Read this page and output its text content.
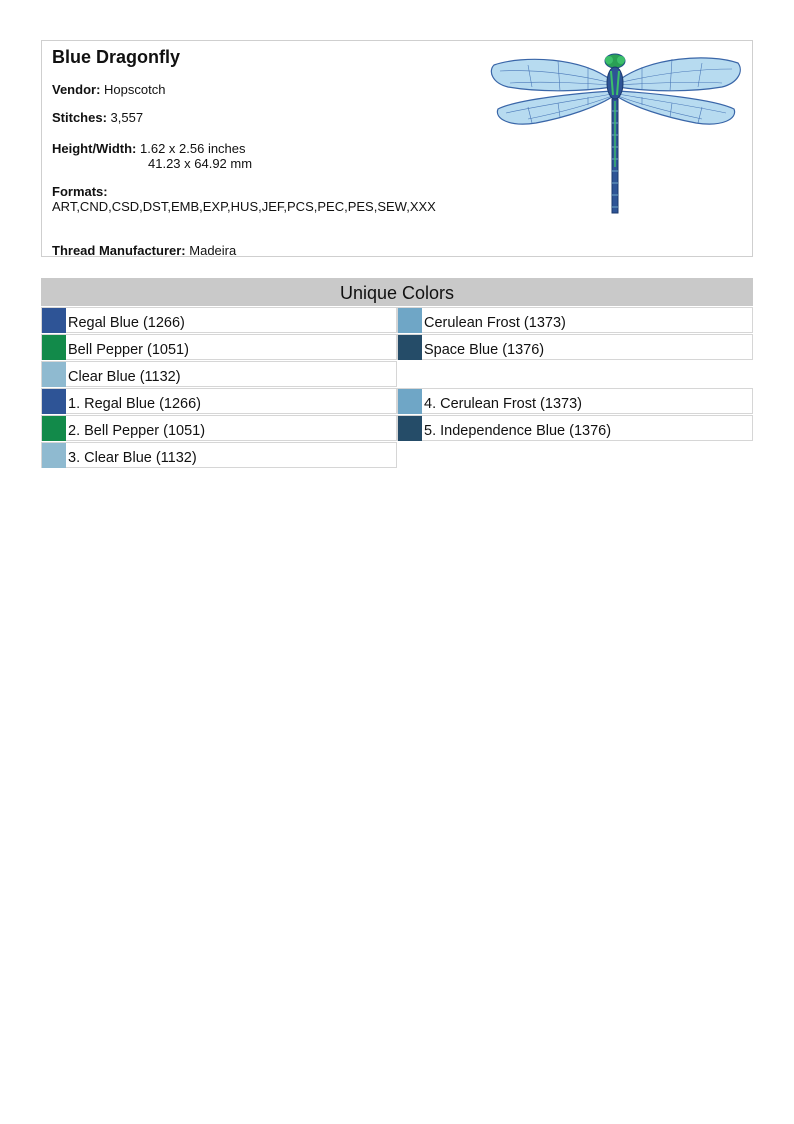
Blue Dragonfly
Vendor: Hopscotch
Stitches: 3,557
Height/Width: 1.62 x 2.56 inches
41.23 x 64.92 mm
Formats:
ART,CND,CSD,DST,EMB,EXP,HUS,JEF,PCS,PEC,PES,SEW,XXX
Thread Manufacturer: Madeira
Unique Colors
Regal Blue (1266)	Cerulean Frost (1373)
Bell Pepper (1051)	Space Blue (1376)
Clear Blue (1132)
1. Regal Blue (1266)	4. Cerulean Frost (1373)
2. Bell Pepper (1051)	5. Independence Blue (1376)
3. Clear Blue (1132)
